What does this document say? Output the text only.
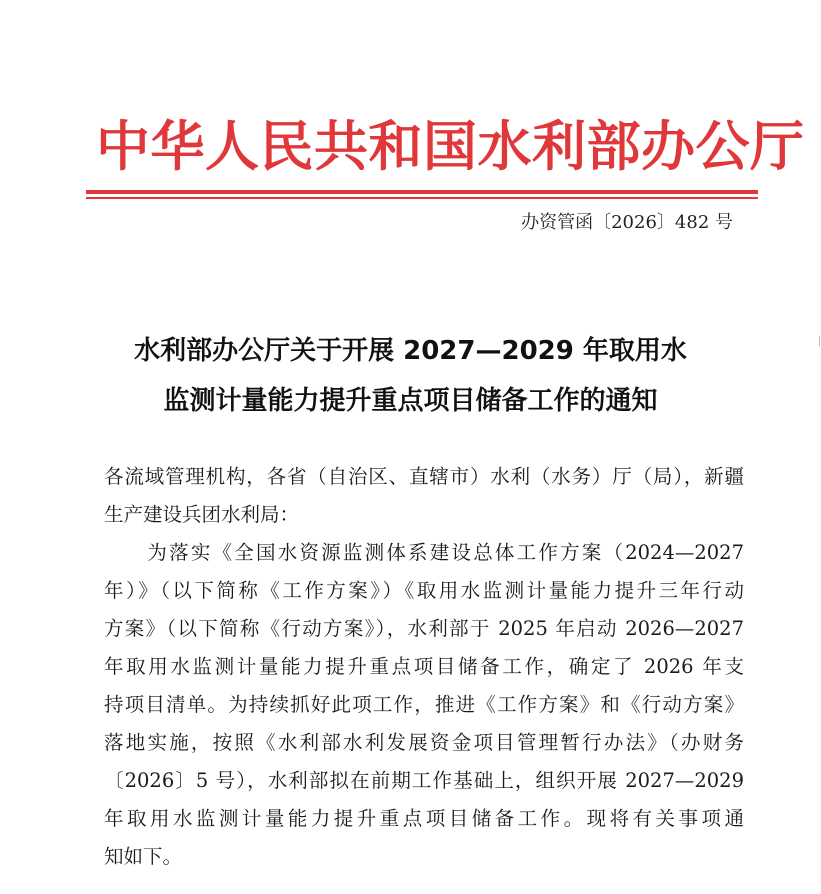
中华人民共和国水利部办公厅
办资管函〔2026〕482 号
水利部办公厅关于开展 2027—2029 年取用水
监测计量能力提升重点项目储备工作的通知
各流域管理机构，各省（自治区、直辖市）水利（水务）厅（局），新疆
生产建设兵团水利局：
　　为落实《全国水资源监测体系建设总体工作方案（2024—2027
年）》（以下简称《工作方案》）《取用水监测计量能力提升三年行动
方案》（以下简称《行动方案》），水利部于 2025 年启动 2026—2027
年取用水监测计量能力提升重点项目储备工作，确定了 2026 年支
持项目清单。为持续抓好此项工作，推进《工作方案》和《行动方案》
落地实施，按照《水利部水利发展资金项目管理暂行办法》（办财务
〔2026〕5 号），水利部拟在前期工作基础上，组织开展 2027—2029
年取用水监测计量能力提升重点项目储备工作。现将有关事项通
知如下。
